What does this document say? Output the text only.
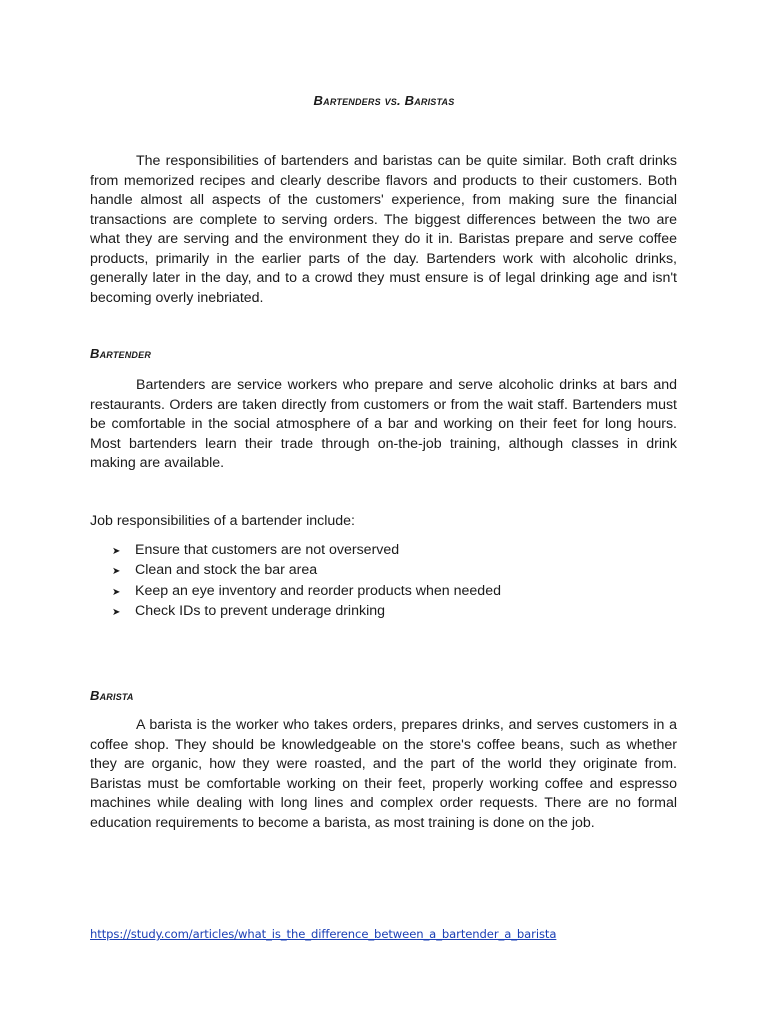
Bartenders vs. Baristas

The responsibilities of bartenders and baristas can be quite similar. Both craft drinks from memorized recipes and clearly describe flavors and products to their customers. Both handle almost all aspects of the customers' experience, from making sure the financial transactions are complete to serving orders. The biggest differences between the two are what they are serving and the environment they do it in. Baristas prepare and serve coffee products, primarily in the earlier parts of the day. Bartenders work with alcoholic drinks, generally later in the day, and to a crowd they must ensure is of legal drinking age and isn't becoming overly inebriated.

Bartender

Bartenders are service workers who prepare and serve alcoholic drinks at bars and restaurants. Orders are taken directly from customers or from the wait staff. Bartenders must be comfortable in the social atmosphere of a bar and working on their feet for long hours. Most bartenders learn their trade through on-the-job training, although classes in drink making are available.

Job responsibilities of a bartender include:

➤	Ensure that customers are not overserved
➤	Clean and stock the bar area
➤	Keep an eye inventory and reorder products when needed
➤	Check IDs to prevent underage drinking
Barista

A barista is the worker who takes orders, prepares drinks, and serves customers in a coffee shop. They should be knowledgeable on the store's coffee beans, such as whether they are organic, how they were roasted, and the part of the world they originate from. Baristas must be comfortable working on their feet, properly working coffee and espresso machines while dealing with long lines and complex order requests. There are no formal education requirements to become a barista, as most training is done on the job.

https://study.com/articles/what_is_the_difference_between_a_bartender_a_barista
